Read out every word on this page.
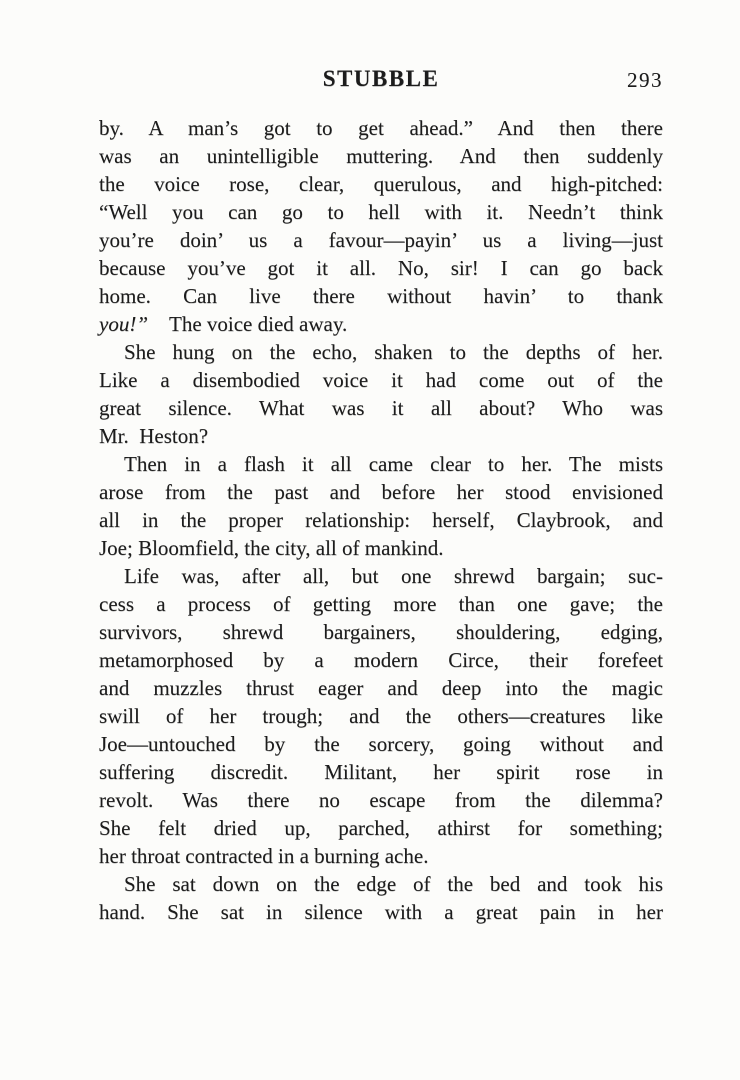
STUBBLE	293
by. A man’s got to get ahead.” And then there
was an unintelligible muttering. And then suddenly
the voice rose, clear, querulous, and high-pitched:
“Well you can go to hell with it. Needn’t think
you’re doin’ us a favour—payin’ us a living—just
because you’ve got it all. No, sir! I can go back
home. Can live there without havin’ to thank
you!”  The voice died away.
She hung on the echo, shaken to the depths of her.
Like a disembodied voice it had come out of the
great silence. What was it all about? Who was
Mr. Heston?
Then in a flash it all came clear to her. The mists
arose from the past and before her stood envisioned
all in the proper relationship: herself, Claybrook, and
Joe; Bloomfield, the city, all of mankind.
Life was, after all, but one shrewd bargain; suc-
cess a process of getting more than one gave; the
survivors, shrewd bargainers, shouldering, edging,
metamorphosed by a modern Circe, their forefeet
and muzzles thrust eager and deep into the magic
swill of her trough; and the others—creatures like
Joe—untouched by the sorcery, going without and
suffering discredit. Militant, her spirit rose in
revolt. Was there no escape from the dilemma?
She felt dried up, parched, athirst for something;
her throat contracted in a burning ache.
She sat down on the edge of the bed and took his
hand. She sat in silence with a great pain in her
